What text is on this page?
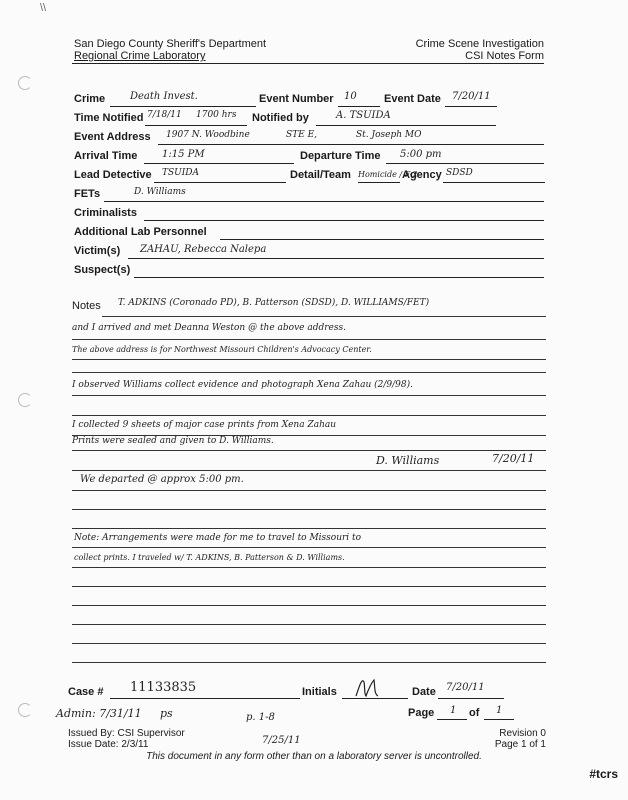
\\
San Diego County Sheriff's Department
Regional Crime Laboratory
Crime Scene Investigation
CSI Notes Form
Crime Death Invest.	Event Number 10 Event Date 7/20/11
Time Notified 7/18/11 1700 hrs Notified by	A. TSUIDA
Event Address 1907 N. Woodbine	STE E,	St. Joseph MO
Arrival Time 1:15 PM	Departure Time 5:00 pm
Lead Detective TSUIDA	Detail/Team Homicide / F-2
Agency SDSD
FETs	D. Williams
Criminalists
Additional Lab Personnel
Victim(s) ZAHAU, Rebecca Nalepa
Suspect(s)
Notes T. ADKINS (Coronado PD), B. Patterson (SDSD), D. WILLIAMS/FET)
and I arrived and met Deanna Weston @ the above address.
The above address is for Northwest Missouri Children's Advocacy Center.
I observed Williams collect evidence and photograph Xena Zahau (2/9/98).
I collected 9 sheets of major case prints from Xena Zahau
Prints were sealed and given to D. Williams.
We departed @ approx 5:00 pm.
Note: Arrangements were made for me to travel to Missouri to
collect prints. I traveled w/ T. ADKINS, B. Patterson & D. Williams.
D. Williams	7/20/11
Case # 11133835	Initials	Date 7/20/11
Page 1 of 1
Admin: 7/31/11 ps	p. 1-8
7/25/11
Issued By: CSI Supervisor
Issue Date: 2/3/11
Revision 0
Page 1 of 1
This document in any form other than on a laboratory server is uncontrolled.
#tcrs
